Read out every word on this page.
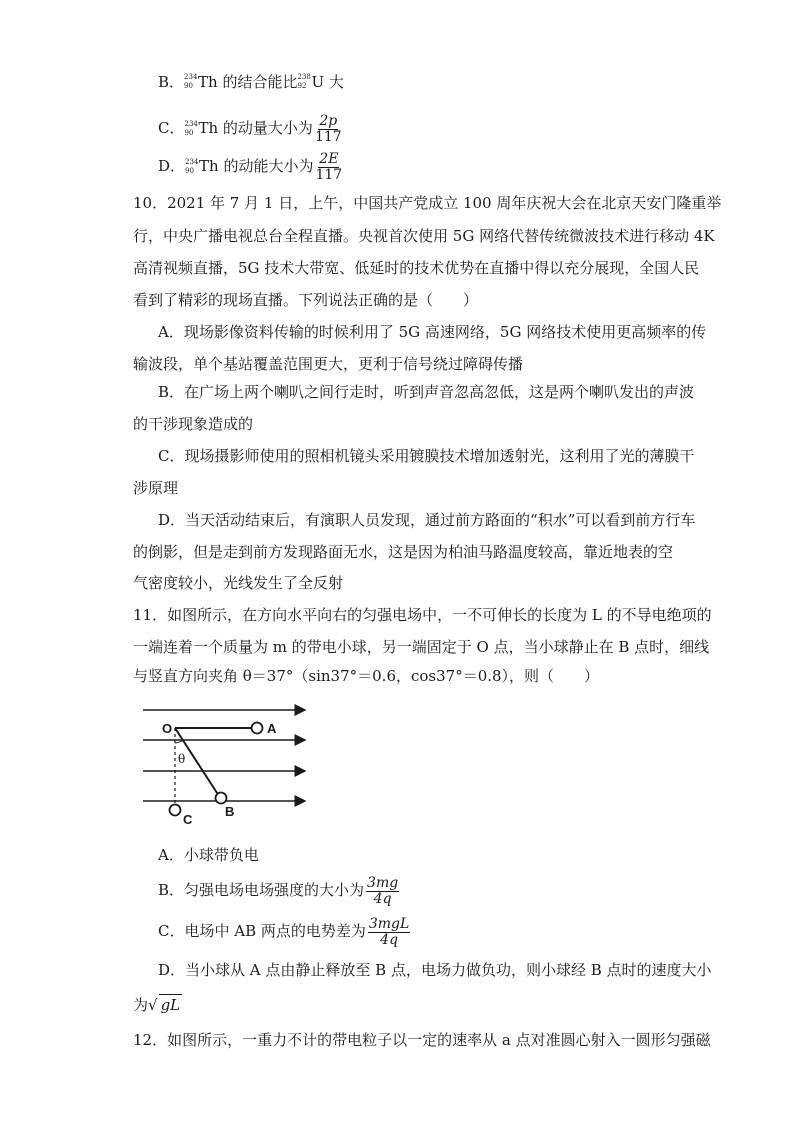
B． 234
90 Th 的结合能比 238
92 U 大
C． 234
90 Th 的动量大小为 $\frac{2p}{117}$
D． 234
90 Th 的动能大小为 $\frac{2E}{117}$
10．2021 年 7 月 1 日，上午，中国共产党成立 100 周年庆祝大会在北京天安门隆重举
行，中央广播电视总台全程直播。央视首次使用 5G 网络代替传统微波技术进行移动 4K
高清视频直播，5G 技术大带宽、低延时的技术优势在直播中得以充分展现，全国人民
看到了精彩的现场直播。下列说法正确的是（　　）
A．现场影像资料传输的时候利用了 5G 高速网络，5G 网络技术使用更高频率的传
输波段，单个基站覆盖范围更大，更利于信号绕过障碍传播
B．在广场上两个喇叭之间行走时，听到声音忽高忽低，这是两个喇叭发出的声波
的干涉现象造成的
C．现场摄影师使用的照相机镜头采用镀膜技术增加透射光，这利用了光的薄膜干
涉原理
D．当天活动结束后，有演职人员发现，通过前方路面的“积水”可以看到前方行车
的倒影，但是走到前方发现路面无水，这是因为柏油马路温度较高，靠近地表的空
气密度较小，光线发生了全反射
11．如图所示，在方向水平向右的匀强电场中，一不可伸长的长度为 L 的不导电绝项的
一端连着一个质量为 m 的带电小球，另一端固定于 O 点，当小球静止在 B 点时，细线
与竖直方向夹角 θ＝37°（sin37°＝0.6，cos37°＝0.8），则（　　）
O	A
B
C
θ
A．小球带负电
B．匀强电场电场强度的大小为 $\frac{3mg}{4q}$
C．电场中 AB 两点的电势差为 $\frac{\text{3mgL}}{4q}$
D．当小球从 A 点由静止释放至 B 点，电场力做负功，则小球经 B 点时的速度大小
为√ gL
12．如图所示，一重力不计的带电粒子以一定的速率从 a 点对准圆心射入一圆形匀强磁
